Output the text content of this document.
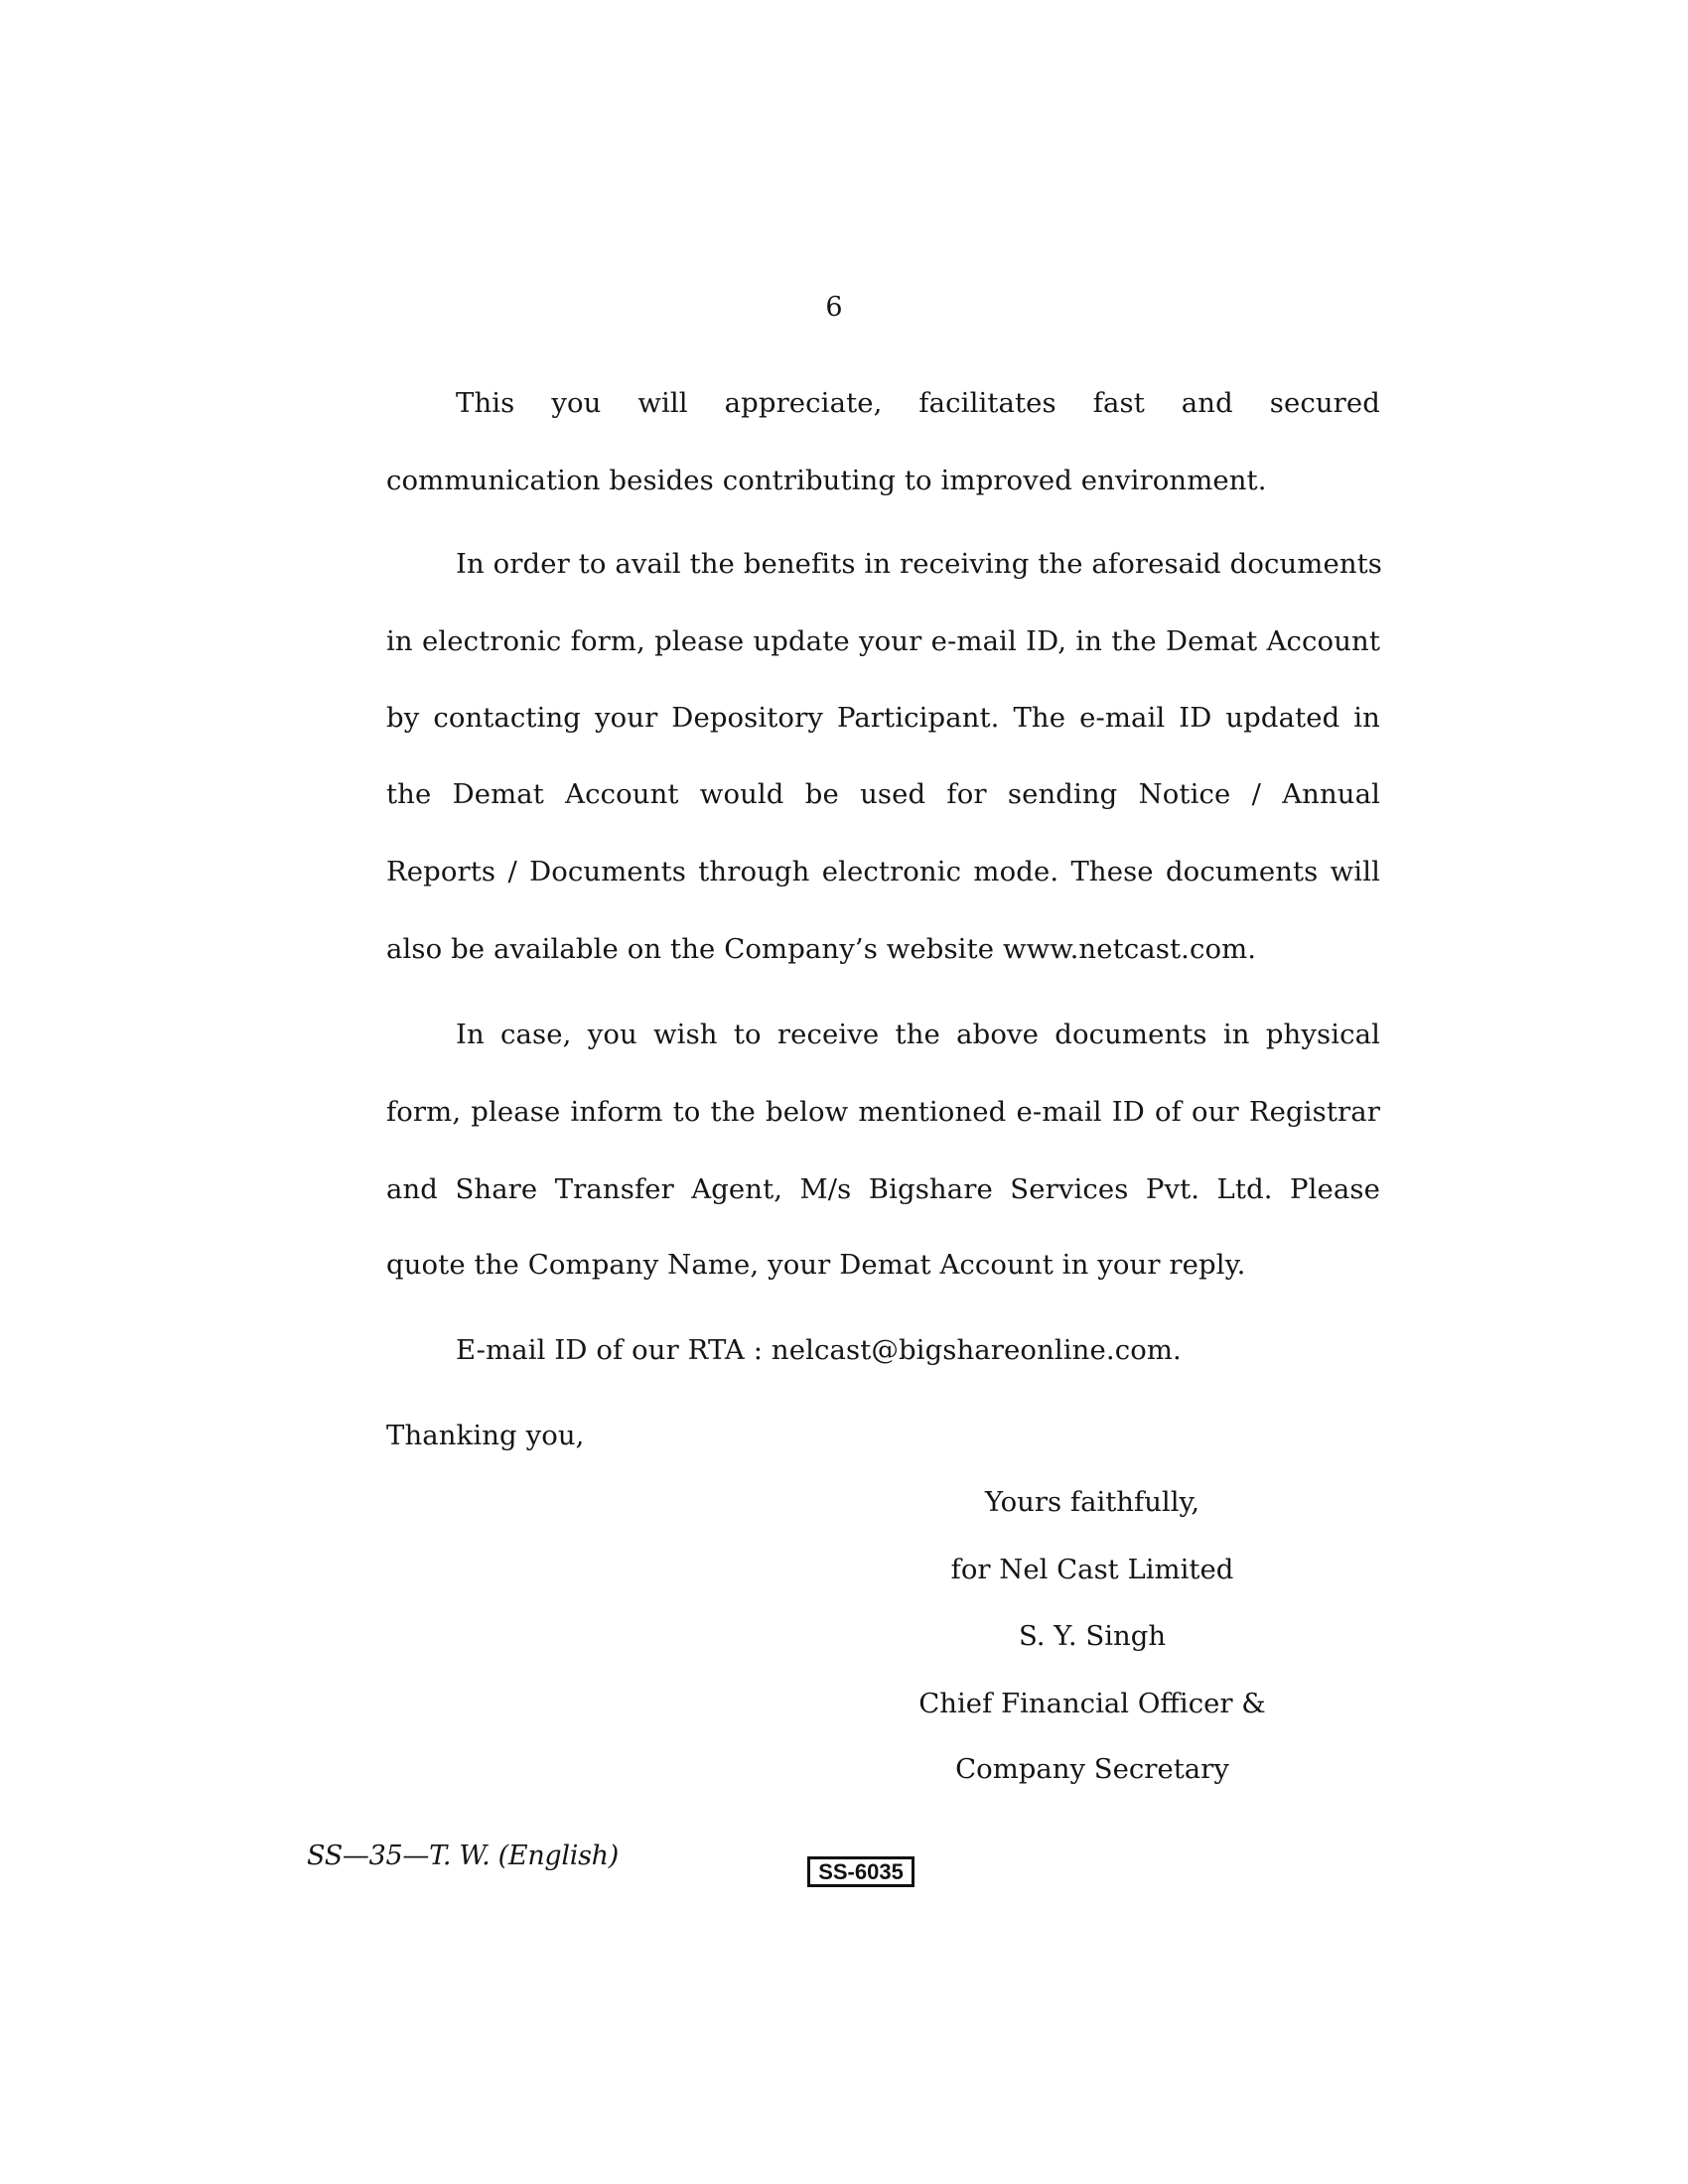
6
This you will appreciate, facilitates fast and secured
communication besides contributing to improved environment.
In order to avail the benefits in receiving the aforesaid documents
in electronic form, please update your e-mail ID, in the Demat Account
by contacting your Depository Participant. The e-mail ID updated in
the Demat Account would be used for sending Notice / Annual
Reports / Documents through electronic mode. These documents will
also be available on the Company’s website www.netcast.com.
In case, you wish to receive the above documents in physical
form, please inform to the below mentioned e-mail ID of our Registrar
and Share Transfer Agent, M/s Bigshare Services Pvt. Ltd. Please
quote the Company Name, your Demat Account in your reply.
E-mail ID of our RTA : nelcast@bigshareonline.com.
Thanking you,
Yours faithfully,
for Nel Cast Limited
S. Y. Singh
Chief Financial Officer &
Company Secretary
SS—35—T. W. (English)
SS-6035
